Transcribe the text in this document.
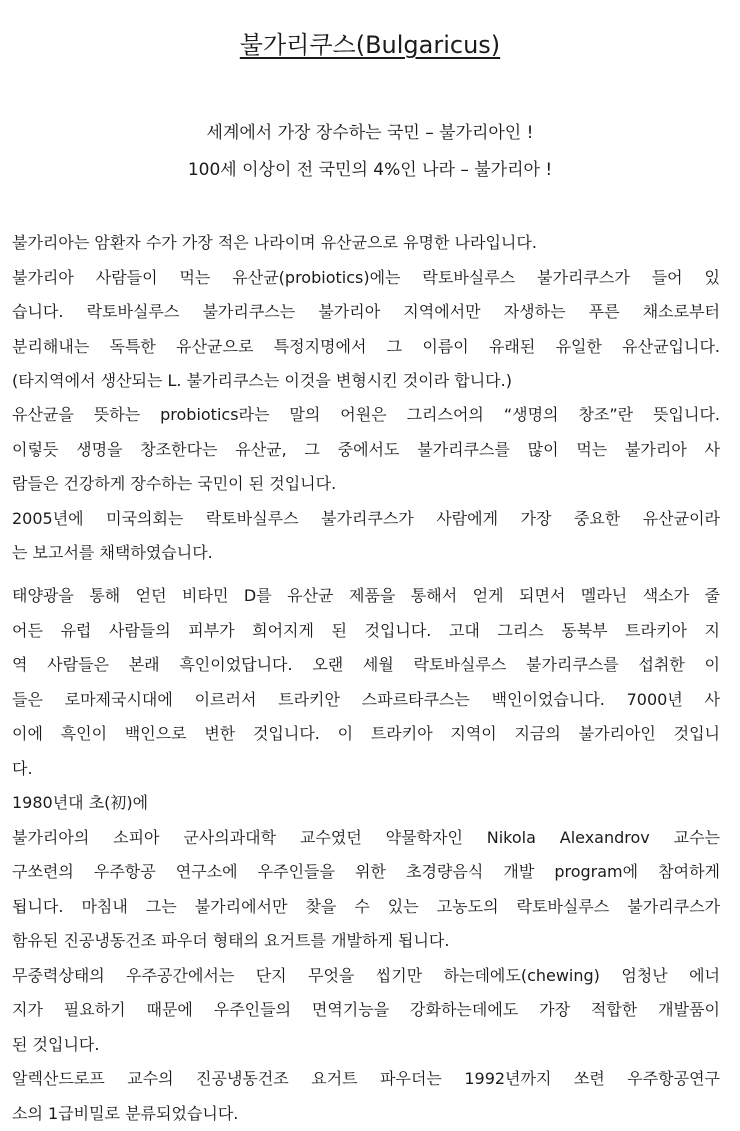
불가리쿠스(Bulgaricus)

세계에서 가장 장수하는 국민 – 불가리아인 !

100세 이상이 전 국민의 4%인 나라 – 불가리아 !

불가리아는 암환자 수가 가장 적은 나라이며 유산균으로 유명한 나라입니다.
불가리아 사람들이 먹는 유산균(probiotics)에는 락토바실루스 불가리쿠스가 들어 있
습니다. 락토바실루스 불가리쿠스는 불가리아 지역에서만 자생하는 푸른 채소로부터
분리해내는 독특한 유산균으로 특정지명에서 그 이름이 유래된 유일한 유산균입니다.
(타지역에서 생산되는 L. 불가리쿠스는 이것을 변형시킨 것이라 합니다.)
유산균을 뜻하는 probiotics라는 말의 어원은 그리스어의 “생명의 창조”란 뜻입니다.
이렇듯 생명을 창조한다는 유산균, 그 중에서도 불가리쿠스를 많이 먹는 불가리아 사
람들은 건강하게 장수하는 국민이 된 것입니다.
2005년에 미국의회는 락토바실루스 불가리쿠스가 사람에게 가장 중요한 유산균이라
는 보고서를 채택하였습니다.
태양광을 통해 얻던 비타민 D를 유산균 제품을 통해서 얻게 되면서 멜라닌 색소가 줄
어든 유럽 사람들의 피부가 희어지게 된 것입니다. 고대 그리스 동북부 트라키아 지
역 사람들은 본래 흑인이었답니다. 오랜 세월 락토바실루스 불가리쿠스를 섭취한 이
들은 로마제국시대에 이르러서 트라키안 스파르타쿠스는 백인이었습니다. 7000년 사
이에 흑인이 백인으로 변한 것입니다. 이 트라키아 지역이 지금의 불가리아인 것입니
다.
1980년대 초(初)에
불가리아의 소피아 군사의과대학 교수였던 약물학자인 Nikola Alexandrov 교수는
구쏘련의 우주항공 연구소에 우주인들을 위한 초경량음식 개발 program에 참여하게
됩니다. 마침내 그는 불가리에서만 찾을 수 있는 고농도의 락토바실루스 불가리쿠스가
함유된 진공냉동건조 파우더 형태의 요거트를 개발하게 됩니다.
무중력상태의 우주공간에서는 단지 무엇을 씹기만 하는데에도(chewing) 엄청난 에너
지가 필요하기 때문에 우주인들의 면역기능을 강화하는데에도 가장 적합한 개발품이
된 것입니다.
알렉산드로프 교수의 진공냉동건조 요거트 파우더는 1992년까지 쏘련 우주항공연구
소의 1급비밀로 분류되었습니다.
